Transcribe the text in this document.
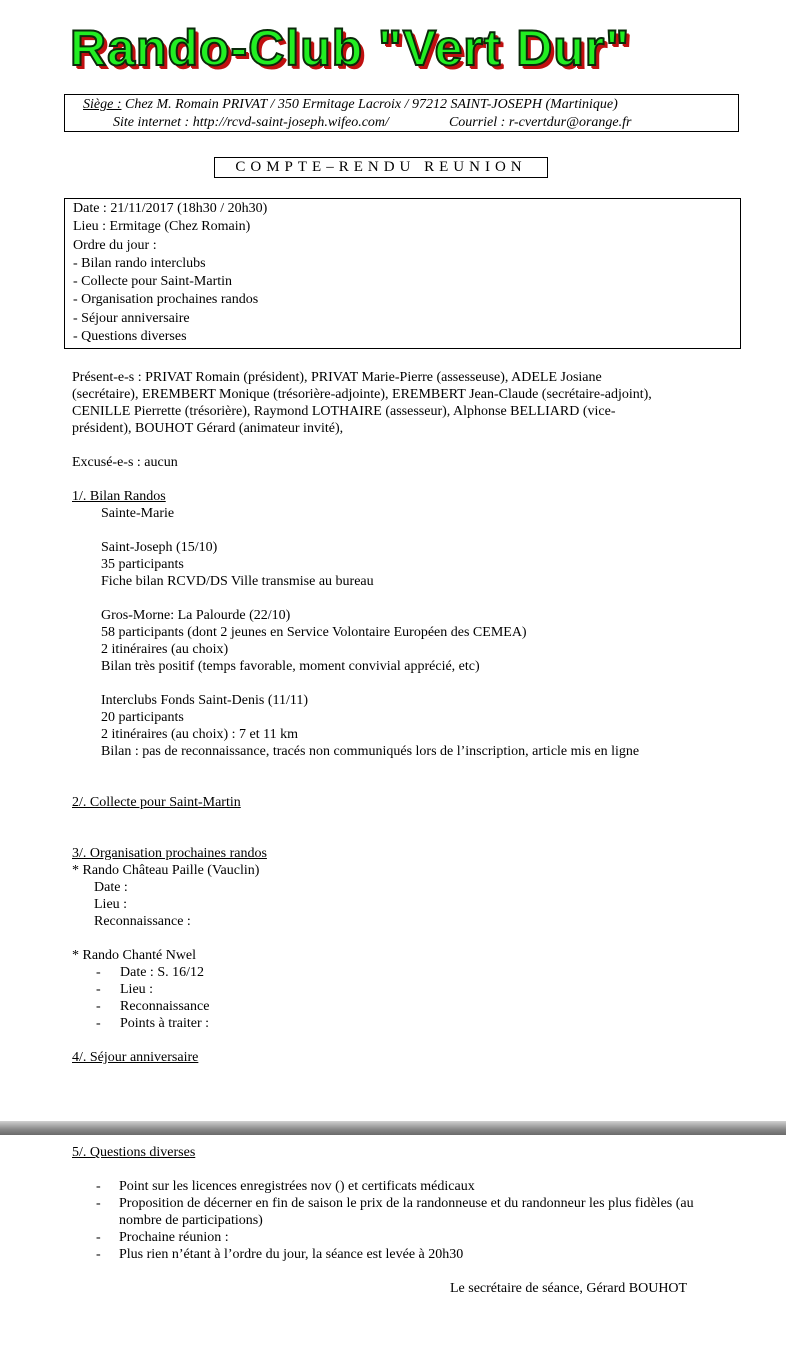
Rando-Club "Vert Dur"
Siège : Chez M. Romain PRIVAT / 350 Ermitage Lacroix / 97212 SAINT-JOSEPH (Martinique)
Site internet : http://rcvd-saint-joseph.wifeo.com/	Courriel : r-cvertdur@orange.fr
COMPTE–RENDU REUNION
Date : 21/11/2017 (18h30 / 20h30)
Lieu : Ermitage (Chez Romain)
Ordre du jour :
- Bilan rando interclubs
- Collecte pour Saint-Martin
- Organisation prochaines randos
- Séjour anniversaire
- Questions diverses
Présent-e-s : PRIVAT Romain (président), PRIVAT Marie-Pierre (assesseuse), ADELE Josiane
(secrétaire), EREMBERT Monique (trésorière-adjointe), EREMBERT Jean-Claude (secrétaire-adjoint),
CENILLE Pierrette (trésorière), Raymond LOTHAIRE (assesseur), Alphonse BELLIARD (vice-
président), BOUHOT Gérard (animateur invité),
Excusé-e-s : aucun
1/. Bilan Randos
Sainte-Marie
Saint-Joseph (15/10)
35 participants
Fiche bilan RCVD/DS Ville transmise au bureau
Gros-Morne: La Palourde (22/10)
58 participants (dont 2 jeunes en Service Volontaire Européen des CEMEA)
2 itinéraires (au choix)
Bilan très positif (temps favorable, moment convivial apprécié, etc)
Interclubs Fonds Saint-Denis (11/11)
20 participants
2 itinéraires (au choix) : 7 et 11 km
Bilan : pas de reconnaissance, tracés non communiqués lors de l’inscription, article mis en ligne
2/. Collecte pour Saint-Martin
3/. Organisation prochaines randos
* Rando Château Paille (Vauclin)
Date :
Lieu :
Reconnaissance :
* Rando Chanté Nwel
- Date : S. 16/12
- Lieu :
- Reconnaissance
- Points à traiter :
4/. Séjour anniversaire
5/. Questions diverses
-	Point sur les licences enregistrées nov () et certificats médicaux
-	Proposition de décerner en fin de saison le prix de la randonneuse et du randonneur les plus fidèles (au nombre de participations)
-	Prochaine réunion :
-	Plus rien n’étant à l’ordre du jour, la séance est levée à 20h30
Le secrétaire de séance, Gérard BOUHOT
